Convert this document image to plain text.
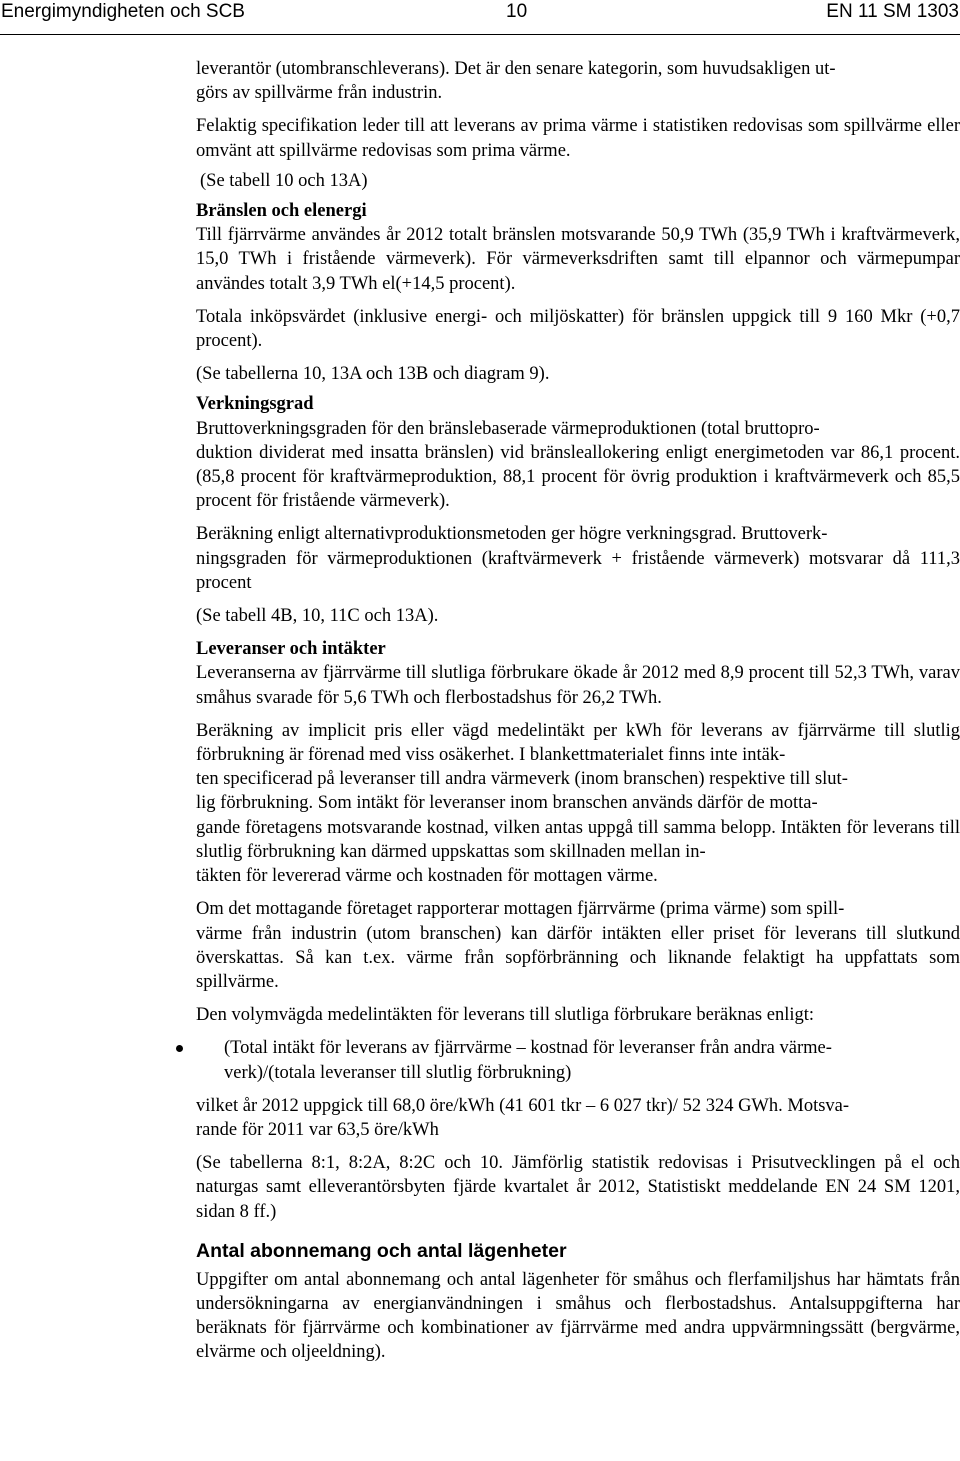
Energimyndigheten och SCB	10	EN 11 SM 1303

leverantör (utombranschleverans). Det är den senare kategorin, som huvudsakligen ut-
görs av spillvärme från industrin.

Felaktig specifikation leder till att leverans av prima värme i statistiken redovisas som spillvärme eller omvänt att spillvärme redovisas som prima värme.

(Se tabell 10 och 13A)

Bränslen och elenergi

Till fjärrvärme användes år 2012 totalt bränslen motsvarande 50,9 TWh (35,9 TWh i kraftvärmeverk, 15,0 TWh i fristående värmeverk). För värmeverksdriften samt till elpannor och värmepumpar användes totalt 3,9 TWh el(+14,5 procent).

Totala inköpsvärdet (inklusive energi- och miljöskatter) för bränslen uppgick till 9 160 Mkr (+0,7 procent).

(Se tabellerna 10, 13A och 13B och diagram 9).

Verkningsgrad

Bruttoverkningsgraden för den bränslebaserade värmeproduktionen (total bruttopro-
duktion dividerat med insatta bränslen) vid bränsleallokering enligt energimetoden var 86,1 procent. (85,8 procent för kraftvärmeproduktion, 88,1 procent för övrig produktion i kraftvärmeverk och 85,5 procent för fristående värmeverk).

Beräkning enligt alternativproduktionsmetoden ger högre verkningsgrad. Bruttoverk-
ningsgraden för värmeproduktionen (kraftvärmeverk + fristående värmeverk) motsvarar då 111,3 procent

(Se tabell 4B, 10, 11C och 13A).

Leveranser och intäkter

Leveranserna av fjärrvärme till slutliga förbrukare ökade år 2012 med 8,9 procent till 52,3 TWh, varav småhus svarade för 5,6 TWh och flerbostadshus för 26,2 TWh.

Beräkning av implicit pris eller vägd medelintäkt per kWh för leverans av fjärrvärme till slutlig förbrukning är förenad med viss osäkerhet. I blankettmaterialet finns inte intäk-
ten specificerad på leveranser till andra värmeverk (inom branschen) respektive till slut-
lig förbrukning. Som intäkt för leveranser inom branschen används därför de motta-
gande företagens motsvarande kostnad, vilken antas uppgå till samma belopp. Intäkten för leverans till slutlig förbrukning kan därmed uppskattas som skillnaden mellan in-
täkten för levererad värme och kostnaden för mottagen värme.

Om det mottagande företaget rapporterar mottagen fjärrvärme (prima värme) som spill-
värme från industrin (utom branschen) kan därför intäkten eller priset för leverans till slutkund överskattas. Så kan t.ex. värme från sopförbränning och liknande felaktigt ha uppfattats som spillvärme.

Den volymvägda medelintäkten för leverans till slutliga förbrukare beräknas enligt:

(Total intäkt för leverans av fjärrvärme – kostnad för leveranser från andra värme-
verk)/(totala leveranser till slutlig förbrukning)

vilket år 2012 uppgick till 68,0 öre/kWh (41 601 tkr – 6 027 tkr)/ 52 324 GWh. Motsva-
rande för 2011 var 63,5 öre/kWh

(Se tabellerna 8:1, 8:2A, 8:2C och 10. Jämförlig statistik redovisas i Prisutvecklingen på el och naturgas samt elleverantörsbyten fjärde kvartalet år 2012, Statistiskt meddelande EN 24 SM 1201, sidan 8 ff.)

Antal abonnemang och antal lägenheter

Uppgifter om antal abonnemang och antal lägenheter för småhus och flerfamiljshus har hämtats från undersökningarna av energianvändningen i småhus och flerbostadshus. Antalsuppgifterna har beräknats för fjärrvärme och kombinationer av fjärrvärme med andra uppvärmningssätt (bergvärme, elvärme och oljeeldning).
